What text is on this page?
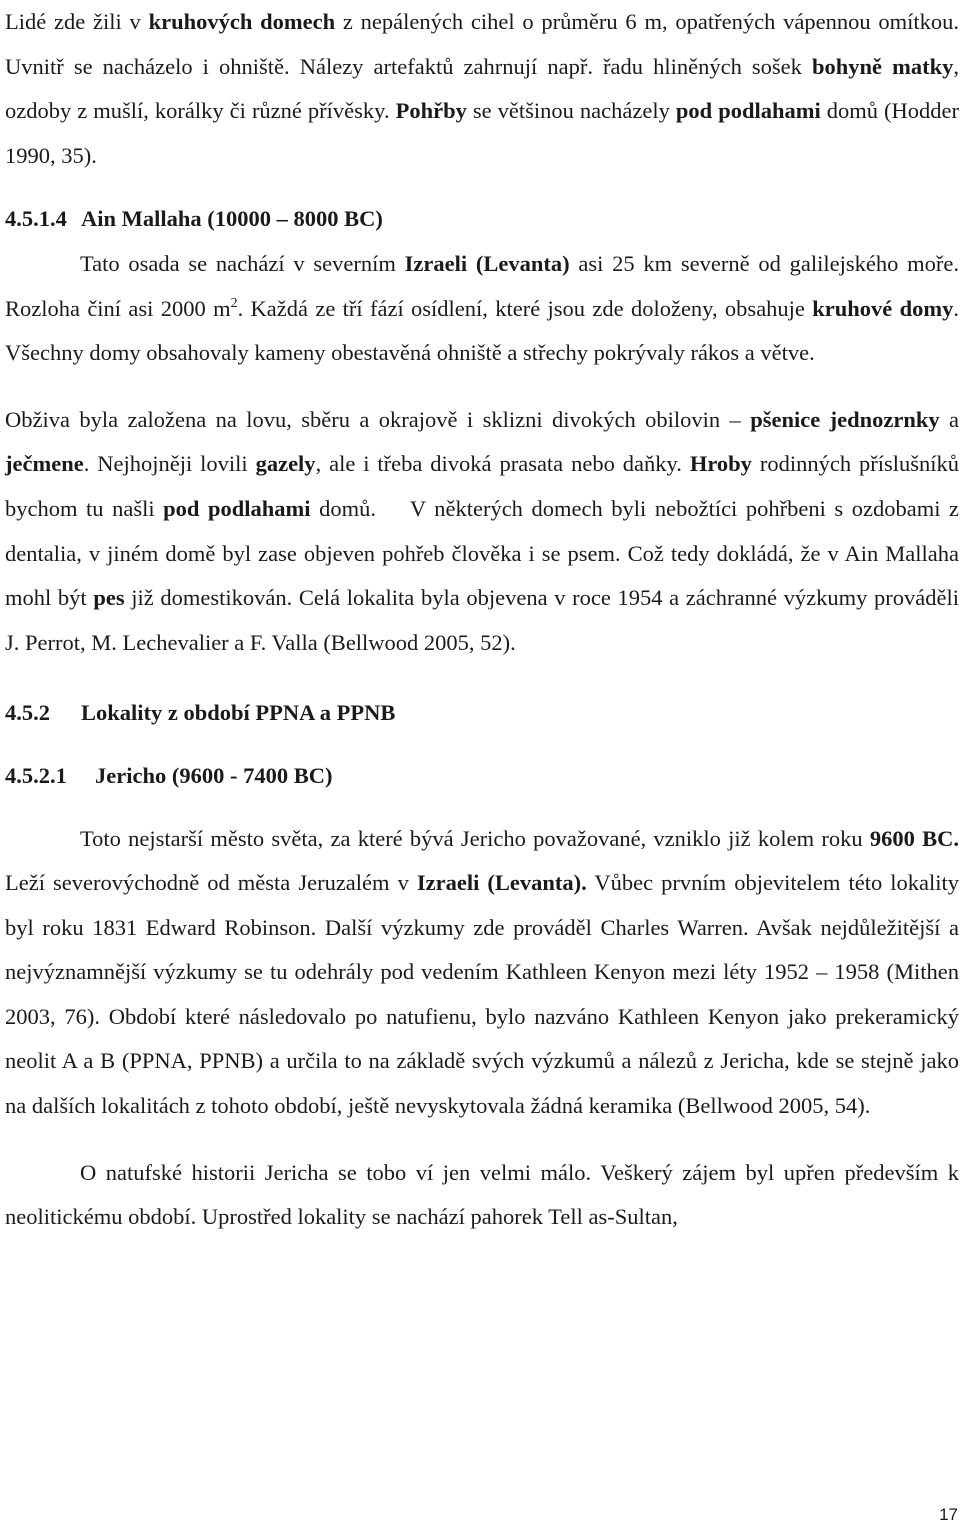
Lidé zde žili v kruhových domech z nepálených cihel o průměru 6 m, opatřených vápennou omítkou. Uvnitř se nacházelo i ohniště. Nálezy artefaktů zahrnují např. řadu hliněných sošek bohyně matky, ozdoby z mušlí, korálky či různé přívěsky. Pohřby se většinou nacházely pod podlahami domů (Hodder 1990, 35).

4.5.1.4 Ain Mallaha (10000 – 8000 BC)

Tato osada se nachází v severním Izraeli (Levanta) asi 25 km severně od galilejského moře. Rozloha činí asi 2000 $m^2$. Každá ze tří fází osídlení, které jsou zde doloženy, obsahuje kruhové domy. Všechny domy obsahovaly kameny obestavěná ohniště a střechy pokrývaly rákos a větve.

Obživa byla založena na lovu, sběru a okrajově i sklizni divokých obilovin – pšenice jednozrnky a ječmene. Nejhojněji lovili gazely, ale i třeba divoká prasata nebo daňky. Hroby rodinných příslušníků bychom tu našli pod podlahami domů.    V některých domech byli nebožtíci pohřbeni s ozdobami z dentalia, v jiném domě byl zase objeven pohřeb člověka i se psem. Což tedy dokládá, že v Ain Mallaha mohl být pes již domestikován. Celá lokalita byla objevena v roce 1954 a záchranné výzkumy prováděli J. Perrot, M. Lechevalier a F. Valla (Bellwood 2005, 52).

4.5.2 Lokality z období PPNA a PPNB
4.5.2.1 Jericho (9600 - 7400 BC)

Toto nejstarší město světa, za které bývá Jericho považované, vzniklo již kolem roku 9600 BC. Leží severovýchodně od města Jeruzalém v Izraeli (Levanta). Vůbec prvním objevitelem této lokality byl roku 1831 Edward Robinson. Další výzkumy zde prováděl Charles Warren. Avšak nejdůležitější a nejvýznamnější výzkumy se tu odehrály pod vedením Kathleen Kenyon mezi léty 1952 – 1958 (Mithen 2003, 76). Období které následovalo po natufienu, bylo nazváno Kathleen Kenyon jako prekeramický neolit A a B (PPNA, PPNB) a určila to na základě svých výzkumů a nálezů z Jericha, kde se stejně jako na dalších lokalitách z tohoto období, ještě nevyskytovala žádná keramika (Bellwood 2005, 54).

O natufské historii Jericha se tobo ví jen velmi málo. Veškerý zájem byl upřen především k neolitickému období. Uprostřed lokality se nachází pahorek Tell as-Sultan,

17
